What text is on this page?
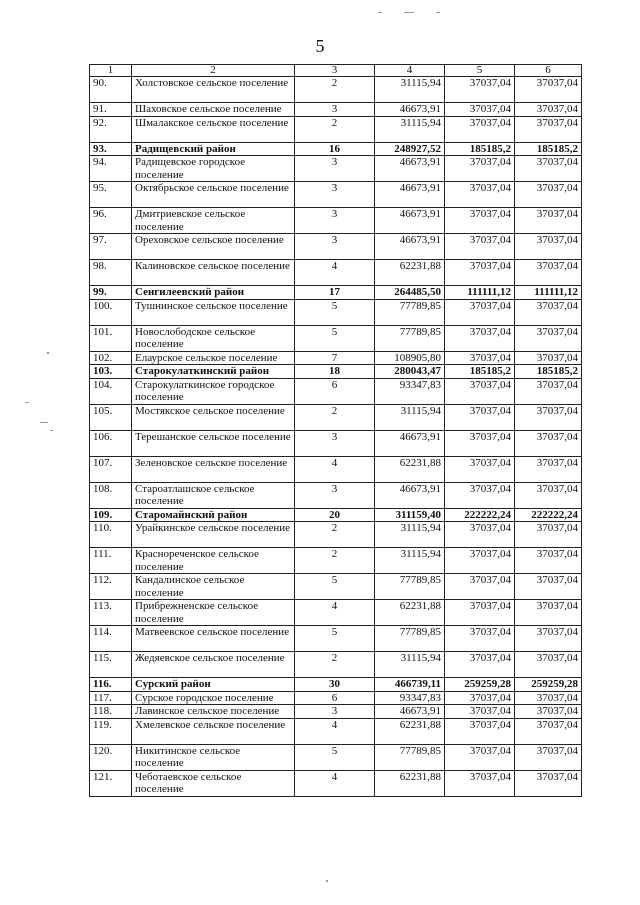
5
1	2	3	4	5	6
90.	Холстовское сельское поселение	2	31115,94	37037,04	37037,04
91.	Шаховское сельское поселение	3	46673,91	37037,04	37037,04
92.	Шмалакское сельское поселение	2	31115,94	37037,04	37037,04
93.	Радищевский район	16	248927,52	185185,2	185185,2
94.	Радищевское городское поселение	3	46673,91	37037,04	37037,04
95.	Октябрьское сельское поселение	3	46673,91	37037,04	37037,04
96.	Дмитриевское сельское поселение	3	46673,91	37037,04	37037,04
97.	Ореховское сельское поселение	3	46673,91	37037,04	37037,04
98.	Калиновское сельское поселение	4	62231,88	37037,04	37037,04
99.	Сенгилеевский район	17	264485,50	111111,12	111111,12
100.	Тушнинское сельское поселение	5	77789,85	37037,04	37037,04
101.	Новослободское сельское поселение	5	77789,85	37037,04	37037,04
102.	Елаурское сельское поселение	7	108905,80	37037,04	37037,04
103.	Старокулаткинский район	18	280043,47	185185,2	185185,2
104.	Старокулаткинское городское поселение	6	93347,83	37037,04	37037,04
105.	Мостякское сельское поселение	2	31115,94	37037,04	37037,04
106.	Терешанское сельское поселение	3	46673,91	37037,04	37037,04
107.	Зеленовское сельское поселение	4	62231,88	37037,04	37037,04
108.	Староатлашское сельское поселение	3	46673,91	37037,04	37037,04
109.	Старомайнский район	20	311159,40	222222,24	222222,24
110.	Урайкинское сельское поселение	2	31115,94	37037,04	37037,04
111.	Краснореченское сельское поселение	2	31115,94	37037,04	37037,04
112.	Кандалинское сельское поселение	5	77789,85	37037,04	37037,04
113.	Прибрежненское сельское поселение	4	62231,88	37037,04	37037,04
114.	Матвеевское сельское поселение	5	77789,85	37037,04	37037,04
115.	Жедяевское сельское поселение	2	31115,94	37037,04	37037,04
116.	Сурский район	30	466739,11	259259,28	259259,28
117.	Сурское городское поселение	6	93347,83	37037,04	37037,04
118.	Лавинское сельское поселение	3	46673,91	37037,04	37037,04
119.	Хмелевское сельское поселение	4	62231,88	37037,04	37037,04
120.	Никитинское сельское поселение	5	77789,85	37037,04	37037,04
121.	Чеботаевское сельское поселение	4	62231,88	37037,04	37037,04
